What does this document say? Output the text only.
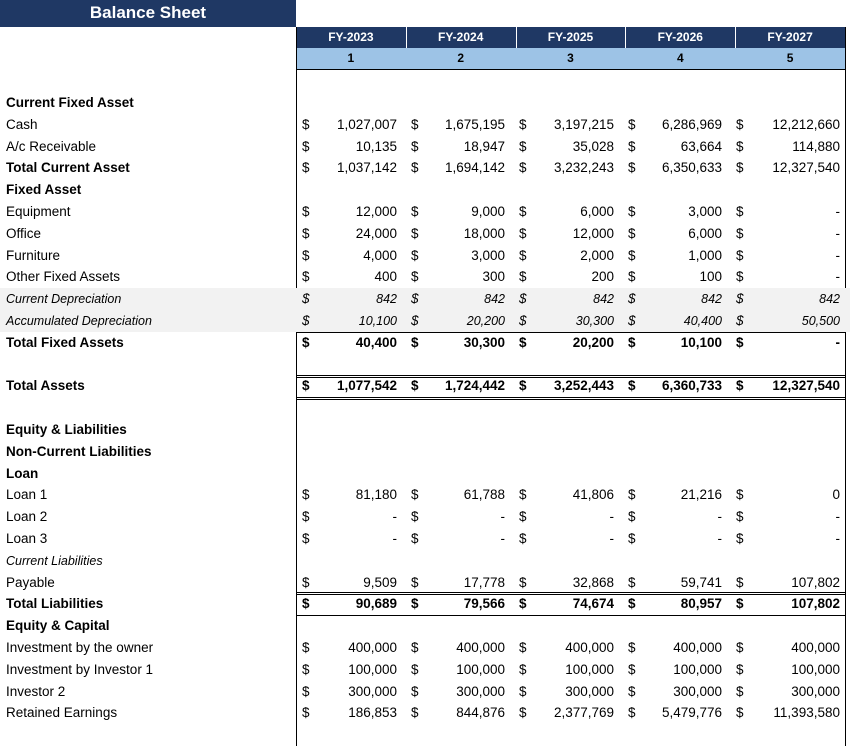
Balance Sheet
FY-2023	FY-2024	FY-2025	FY-2026	FY-2027
1	2	3	4	5
Current Fixed Asset
Cash	$ 1,027,007 $ 1,675,195 $ 3,197,215 $ 6,286,969 $ 12,212,660
A/c Receivable	$	10,135 $	18,947 $	35,028 $	63,664 $	114,880
Total Current Asset	$ 1,037,142 $ 1,694,142 $ 3,232,243 $ 6,350,633 $ 12,327,540
Fixed Asset
Equipment	$	12,000 $	9,000 $	6,000 $	3,000 $	-
Office	$	24,000 $	18,000 $	12,000 $	6,000 $	-
Furniture	$	4,000 $	3,000 $	2,000 $	1,000 $	-
Other Fixed Assets	$	400 $	300 $	200 $	100 $	-
Current Depreciation	$	842 $	842 $	842 $	842 $	842
Accumulated Depreciation	$	10,100 $	20,200 $	30,300 $	40,400 $	50,500
Total Fixed Assets	$	40,400 $	30,300 $	20,200 $	10,100 $	-
Total Assets	$ 1,077,542 $ 1,724,442 $ 3,252,443 $ 6,360,733 $ 12,327,540
Equity & Liabilities
Non-Current Liabilities
Loan
Loan 1	$	81,180 $	61,788 $	41,806 $	21,216 $	0
Loan 2	$	- $	- $	- $	- $	-
Loan 3	$	- $	- $	- $	- $	-
Current Liabilities
Payable	$	9,509 $	17,778 $	32,868 $	59,741 $	107,802
Total Liabilities	$	90,689 $	79,566 $	74,674 $	80,957 $	107,802
Equity & Capital
Investment by the owner	$	400,000 $	400,000 $	400,000 $	400,000 $	400,000
Investment by Investor 1	$	100,000 $	100,000 $	100,000 $	100,000 $	100,000
Investor 2	$	300,000 $	300,000 $	300,000 $	300,000 $	300,000
Retained Earnings	$	186,853 $	844,876 $ 2,377,769 $ 5,479,776 $ 11,393,580
